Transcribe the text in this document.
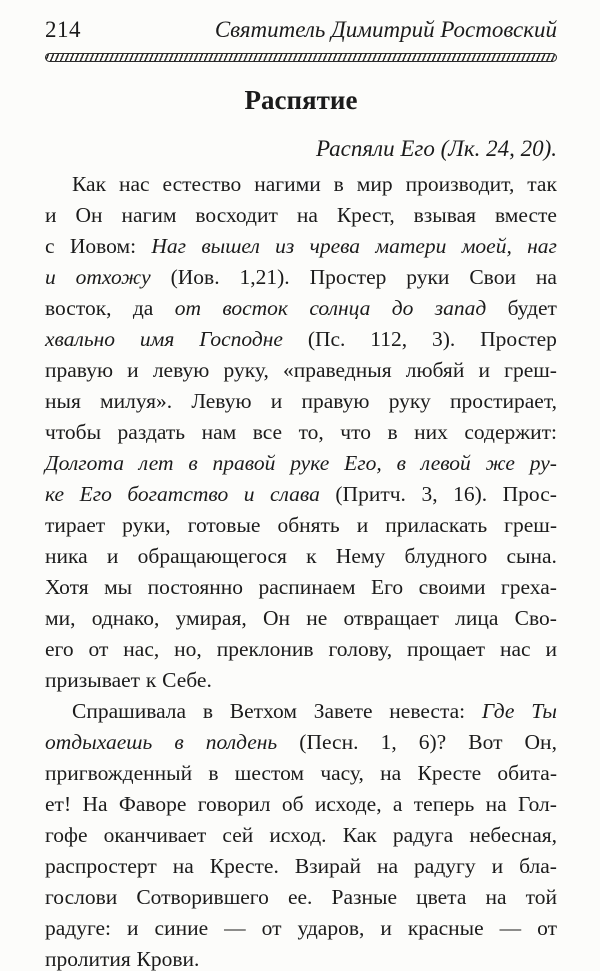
214	Святитель Димитрий Ростовский
Распятие
Распяли Его (Лк. 24, 20).
Как нас естество нагими в мир производит, так
и Он нагим восходит на Крест, взывая вместе
с Иовом: Наг вышел из чрева матери моей, наг
и отхожу (Иов. 1,21). Простер руки Свои на
восток, да от восток солнца до запад будет
хвально имя Господне (Пс. 112, 3). Простер
правую и левую руку, «праведныя любяй и греш-
ныя милуя». Левую и правую руку простирает,
чтобы раздать нам все то, что в них содержит:
Долгота лет в правой руке Его, в левой же ру-
ке Его богатство и слава (Притч. 3, 16). Прос-
тирает руки, готовые обнять и приласкать греш-
ника и обращающегося к Нему блудного сына.
Хотя мы постоянно распинаем Его своими греха-
ми, однако, умирая, Он не отвращает лица Сво-
его от нас, но, преклонив голову, прощает нас и
призывает к Себе.
Спрашивала в Ветхом Завете невеста: Где Ты
отдыхаешь в полдень (Песн. 1, 6)? Вот Он,
пригвожденный в шестом часу, на Кресте обита-
ет! На Фаворе говорил об исходе, а теперь на Гол-
гофе оканчивает сей исход. Как радуга небесная,
распростерт на Кресте. Взирай на радугу и бла-
гослови Сотворившего ее. Разные цвета на той
радуге: и синие — от ударов, и красные — от
пролития Крови.
